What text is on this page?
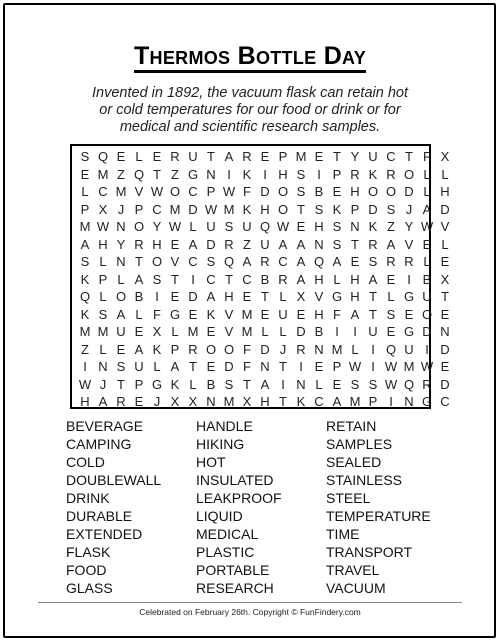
Thermos Bottle Day
Invented in 1892, the vacuum flask can retain hot
or cold temperatures for our food or drink or for
medical and scientific research samples.
S Q E L E R U T A R E P M E T Y U C T F X
E M Z Q T Z G N I K I H S I P R K R O L L
L C M V W O C P W F D O S B E H O O D L H
P X J P C M D W M K H O T S K P D S J A D
M W N O Y W L U S U Q W E H S N K Z Y W V
A H Y R H E A D R Z U A A N S T R A V E L
S L N T O V C S Q A R C A Q A E S R R L E
K P L A S T I C T C B R A H L H A E I B X
Q L O B I E D A H E T L X V G H T L G U T
K S A L F G E K V M E U E H F A T S E O E
M M U E X L M E V M L L D B I	I U E G D N
Z L E A K P R O O F D J R N M L I Q U I D
I N S U L A T E D F N T I E P W I W M W E
W J T P G K L B S T A I N L E S S W Q R D
H A R E J X X N M X H T K C A M P I N G C
BEVERAGE
CAMPING
COLD
DOUBLEWALL
DRINK
DURABLE
EXTENDED
FLASK
FOOD
GLASS
HANDLE
HIKING
HOT
INSULATED
LEAKPROOF
LIQUID
MEDICAL
PLASTIC
PORTABLE
RESEARCH
RETAIN
SAMPLES
SEALED
STAINLESS
STEEL
TEMPERATURE
TIME
TRANSPORT
TRAVEL
VACUUM
Celebrated on February 26th. Copyright © FunFindery.com
